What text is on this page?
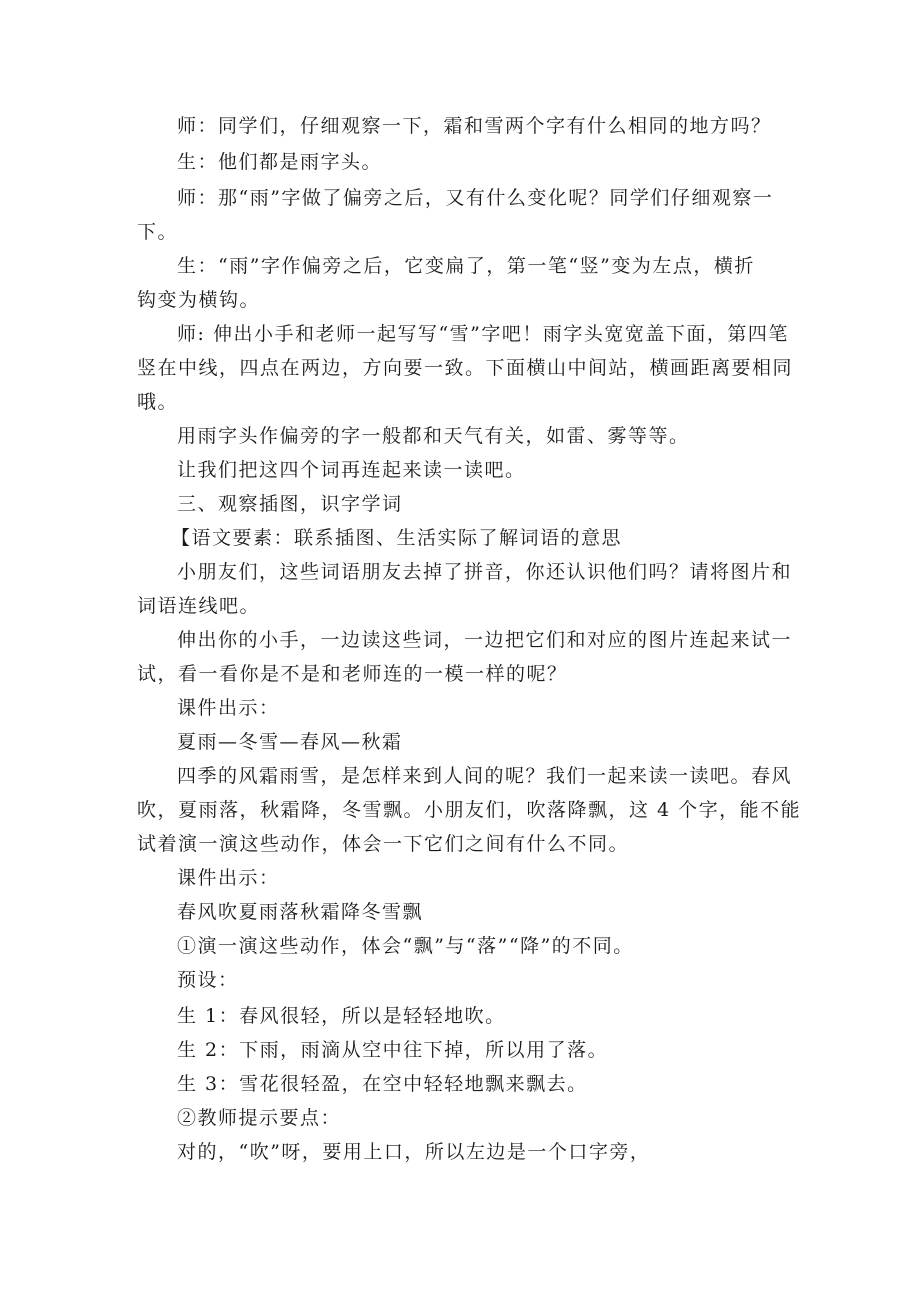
师：同学们，仔细观察一下，霜和雪两个字有什么相同的地方吗？
生：他们都是雨字头。
师：那“雨”字做了偏旁之后，又有什么变化呢？同学们仔细观察一
下。
生：“雨”字作偏旁之后，它变扁了，第一笔“竖”变为左点，横折
钩变为横钩。
师: 伸出小手和老师一起写写“雪”字吧！雨字头宽宽盖下面，第四笔
竖在中线，四点在两边，方向要一致。下面横山中间站，横画距离要相同
哦。
用雨字头作偏旁的字一般都和天气有关，如雷、雾等等。
让我们把这四个词再连起来读一读吧。
三、观察插图，识字学词
【语文要素：联系插图、生活实际了解词语的意思
小朋友们，这些词语朋友去掉了拼音，你还认识他们吗？请将图片和
词语连线吧。
伸出你的小手，一边读这些词，一边把它们和对应的图片连起来试一
试，看一看你是不是和老师连的一模一样的呢？
课件出示：
夏雨—冬雪—春风—秋霜
四季的风霜雨雪，是怎样来到人间的呢？我们一起来读一读吧。春风
吹，夏雨落，秋霜降，冬雪飘。小朋友们，吹落降飘，这 4 个字，能不能
试着演一演这些动作，体会一下它们之间有什么不同。
课件出示：
春风吹夏雨落秋霜降冬雪飘
①演一演这些动作，体会“飘”与“落”“降”的不同。
预设：
生 1：春风很轻，所以是轻轻地吹。
生 2：下雨，雨滴从空中往下掉，所以用了落。
生 3：雪花很轻盈，在空中轻轻地飘来飘去。
②教师提示要点：
对的，“吹”呀，要用上口，所以左边是一个口字旁，
